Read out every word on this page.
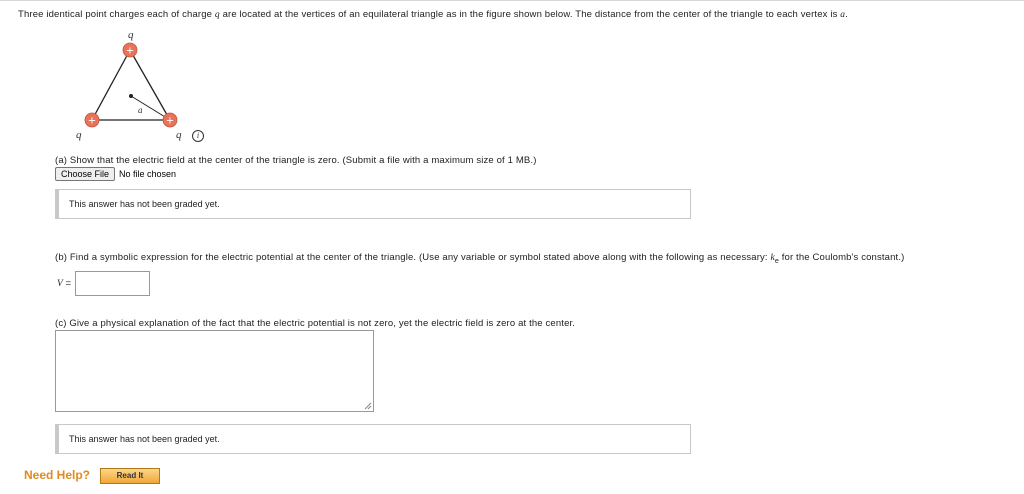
Three identical point charges each of charge q are located at the vertices of an equilateral triangle as in the figure shown below. The distance from the center of the triangle to each vertex is a.
a
+
+	+
q
q	q	i
(a) Show that the electric field at the center of the triangle is zero. (Submit a file with a maximum size of 1 MB.)
Choose File	No file chosen
This answer has not been graded yet.
(b) Find a symbolic expression for the electric potential at the center of the triangle. (Use any variable or symbol stated above along with the following as necessary: $k_e$ for the Coulomb's constant.)
V =
(c) Give a physical explanation of the fact that the electric potential is not zero, yet the electric field is zero at the center.
This answer has not been graded yet.
Need Help?	Read It
